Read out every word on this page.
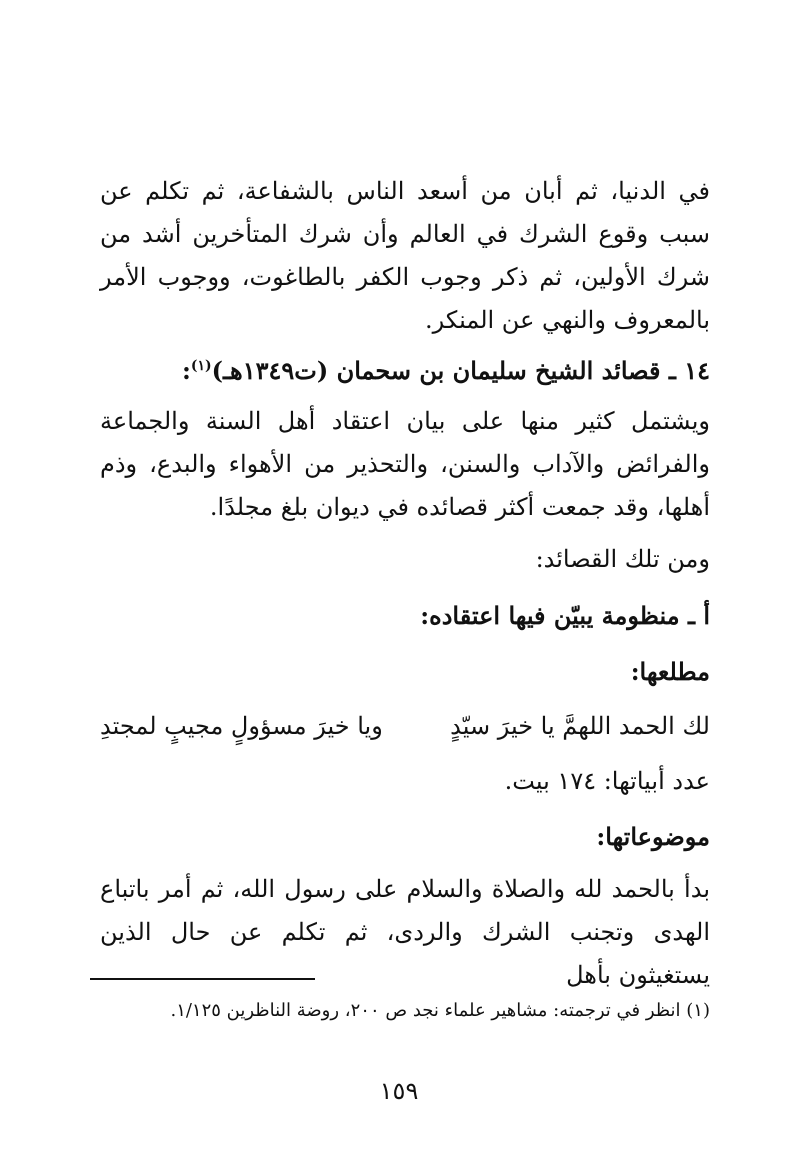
في الدنيا، ثم أبان من أسعد الناس بالشفاعة، ثم تكلم عن سبب وقوع الشرك في العالم وأن شرك المتأخرين أشد من شرك الأولين، ثم ذكر وجوب الكفر بالطاغوت، ووجوب الأمر بالمعروف والنهي عن المنكر.

١٤ ـ قصائد الشيخ سليمان بن سحمان (ت١٣٤٩هـ)$^{(١)}$:

ويشتمل كثير منها على بيان اعتقاد أهل السنة والجماعة والفرائض والآداب والسنن، والتحذير من الأهواء والبدع، وذم أهلها، وقد جمعت أكثر قصائده في ديوان بلغ مجلدًا.

ومن تلك القصائد:

أ ـ منظومة يبيّن فيها اعتقاده:

مطلعها:

لك الحمد اللهمَّ يا خيرَ سيّدٍ
ويا خيرَ مسؤولٍ مجيبٍ لمجتدِ

عدد أبياتها: ١٧٤ بيت.

موضوعاتها:

بدأ بالحمد لله والصلاة والسلام على رسول الله، ثم أمر باتباع الهدى وتجنب الشرك والردى، ثم تكلم عن حال الذين يستغيثون بأهل

(١) انظر في ترجمته: مشاهير علماء نجد ص ٢٠٠، روضة الناظرين ١/١٢٥.

١٥٩
